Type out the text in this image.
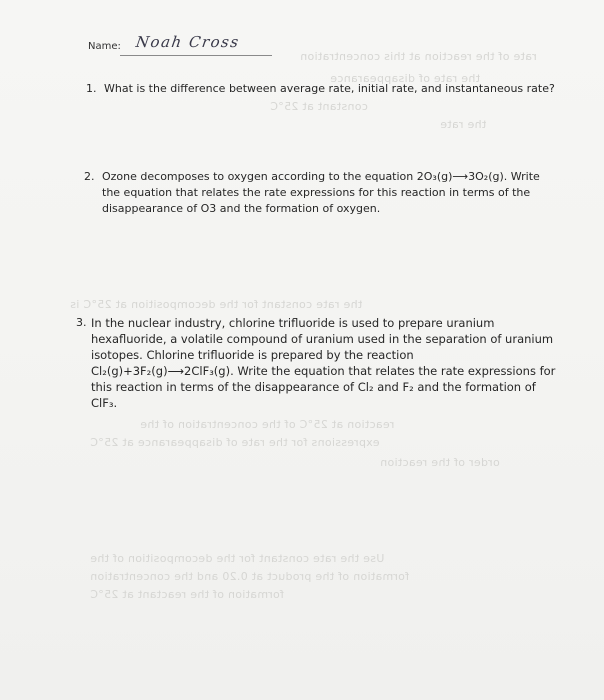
rate of the reaction at this concentration
the rate of disappearance
constant at 25°C
the rate
the rate constant for the decomposition at 25°C is
reaction at 25°C of the concentration of the
expressions for the rate of disappearance at 25°C
order of the reaction
Use the rate constant for the decomposition of the
formation of the product at 0.20 and the concentration
formation of the reactant at 25°C
Name: Noah Cross
1. What is the difference between average rate, initial rate, and instantaneous rate?
2. Ozone decomposes to oxygen according to the equation 2O₃(g)⟶3O₂(g). Write
the equation that relates the rate expressions for this reaction in terms of the
disappearance of O3 and the formation of oxygen.
3. In the nuclear industry, chlorine trifluoride is used to prepare uranium
hexafluoride, a volatile compound of uranium used in the separation of uranium
isotopes. Chlorine trifluoride is prepared by the reaction
Cl₂(g)+3F₂(g)⟶2ClF₃(g). Write the equation that relates the rate expressions for
this reaction in terms of the disappearance of Cl₂ and F₂ and the formation of
ClF₃.
